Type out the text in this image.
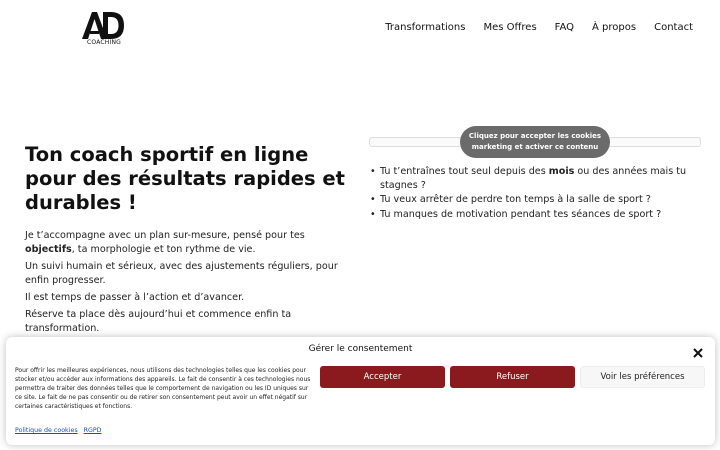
COACHING
Transformations Mes Offres FAQ À propos Contact
Ton coach sportif en ligne pour des résultats rapides et durables !

Je t’accompagne avec un plan sur-mesure, pensé pour tes objectifs, ta morphologie et ton rythme de vie.

Un suivi humain et sérieux, avec des ajustements réguliers, pour enfin progresser.

Il est temps de passer à l’action et d’avancer.

Réserve ta place dès aujourd’hui et commence enfin ta transformation.

Cliquez pour accepter les cookies marketing et activer ce contenu
• Tu t’entraînes tout seul depuis des mois ou des années mais tu stagnes ?
• Tu veux arrêter de perdre ton temps à la salle de sport ?
• Tu manques de motivation pendant tes séances de sport ?
Gérer le consentement

Pour offrir les meilleures expériences, nous utilisons des technologies telles que les cookies pour stocker et/ou accéder aux informations des appareils. Le fait de consentir à ces technologies nous permettra de traiter des données telles que le comportement de navigation ou les ID uniques sur ce site. Le fait de ne pas consentir ou de retirer son consentement peut avoir un effet négatif sur certaines caractéristiques et fonctions.

Accepter	Refuser	Voir les préférences
Politique de cookies RGPD
